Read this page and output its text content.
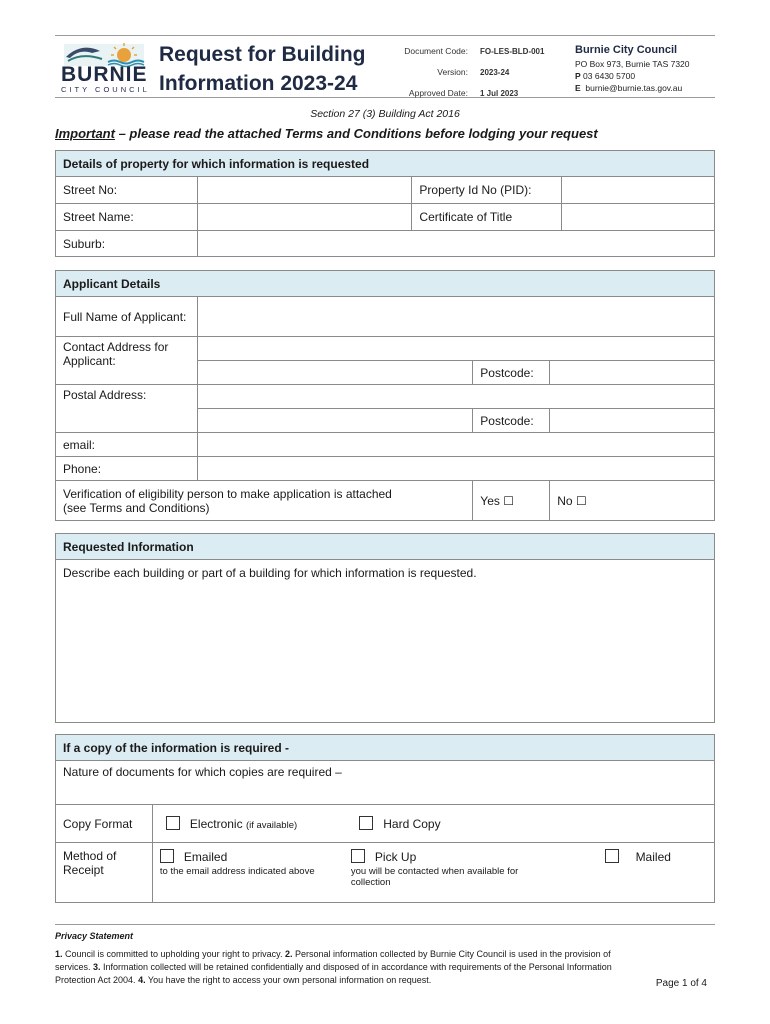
BURNIE
CITY COUNCIL
Request for Building
Information 2023-24
Document Code:	FO-LES-BLD-001
Version:	2023-24
Approved Date:	1 Jul 2023
Burnie City Council
PO Box 973, Burnie TAS 7320
P 03 6430 5700
E burnie@burnie.tas.gov.au
Section 27 (3) Building Act 2016
Important – please read the attached Terms and Conditions before lodging your request
Details of property for which information is requested			
Street No:		Property Id No (PID):	
Street Name:		Certificate of Title	
Suburb:			
Applicant Details			
Full Name of Applicant:			
Contact Address for Applicant:			
		Postcode:	
Postal Address:			
		Postcode:	
email:			
Phone:			

Verification of eligibility person to make application is attached
(see Terms and Conditions)		Yes ☐	No ☐
Requested Information
Describe each building or part of a building for which information is requested.
If a copy of the information is required -	
Nature of documents for which copies are required –	
Copy Format	Electronic (if available) Hard Copy
Method of Receipt	Emailed
to the email address indicated above
Pick Up
you will be contacted when available for collection
Mailed
Privacy Statement
1. Council is committed to upholding your right to privacy. 2. Personal information collected by Burnie City Council is used in the provision of services. 3. Information collected will be retained confidentially and disposed of in accordance with requirements of the Personal Information Protection Act 2004. 4. You have the right to access your own personal information on request.	Page 1 of 4
